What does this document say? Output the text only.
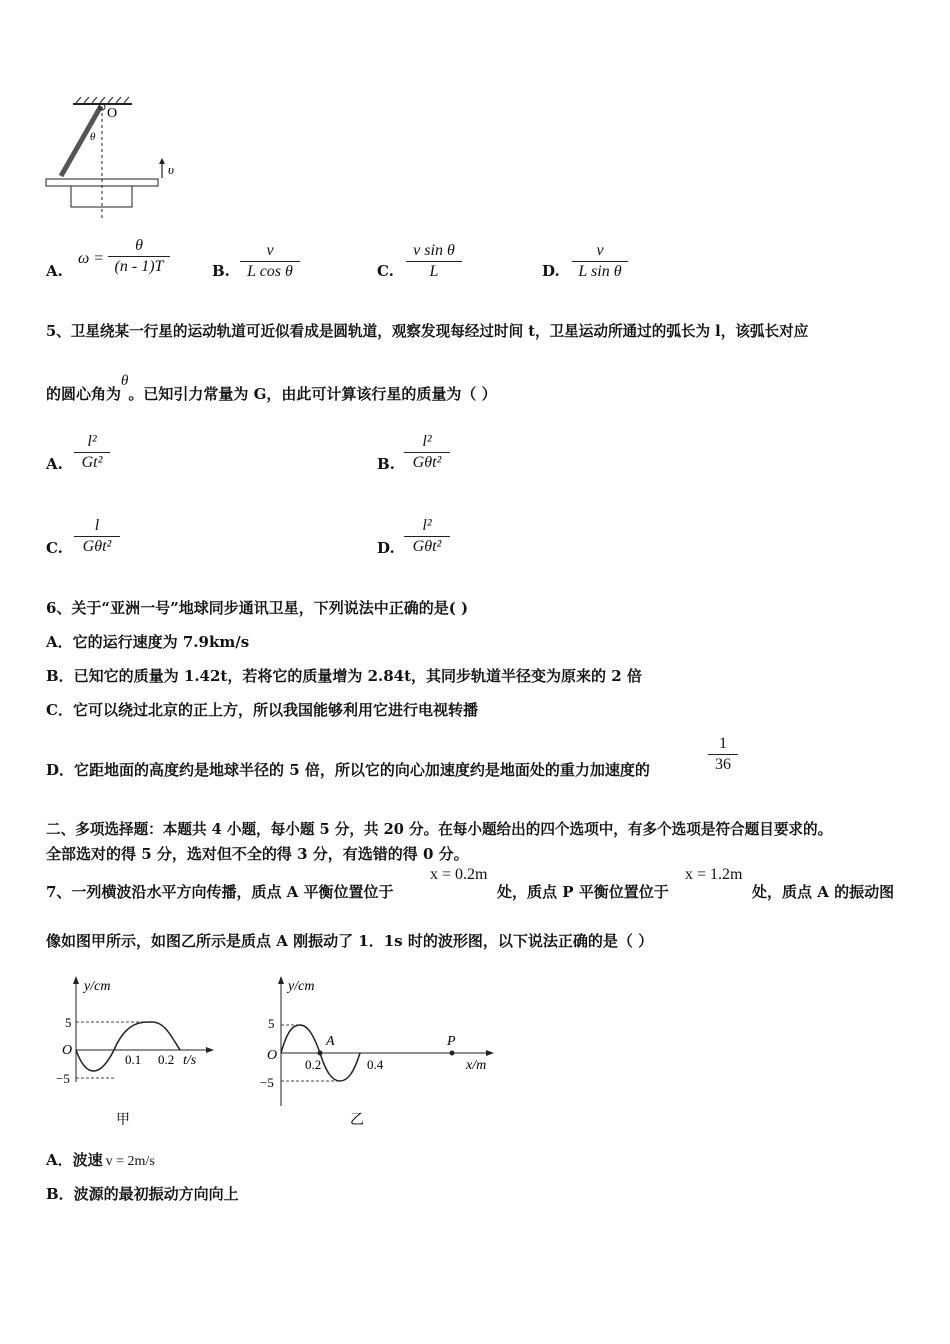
O
θ
υ
A.
ω =
θ
(n - 1)T	B.
v
L cos θ	C.
v sin θ
L	D.
v
L sin θ
5、卫星绕某一行星的运动轨道可近似看成是圆轨道，观察发现每经过时间 t，卫星运动所通过的弧长为 l，该弧长对应
的圆心角为θ。已知引力常量为 G，由此可计算该行星的质量为（ ）
A.
l²
Gt²	B.
l²
Gθt²
C.
l
Gθt²	D.
l²
Gθt²
6、关于“亚洲一号”地球同步通讯卫星，下列说法中正确的是( )
A．它的运行速度为 7.9km/s
B．已知它的质量为 1.42t，若将它的质量增为 2.84t，其同步轨道半径变为原来的 2 倍
C．它可以绕过北京的正上方，所以我国能够利用它进行电视转播
D．它距地面的高度约是地球半径的 5 倍，所以它的向心加速度约是地面处的重力加速度的
1
36
二、多项选择题：本题共 4 小题，每小题 5 分，共 20 分。在每小题给出的四个选项中，有多个选项是符合题目要求的。
全部选对的得 5 分，选对但不全的得 3 分，有选错的得 0 分。
7、一列横波沿水平方向传播，质点 A 平衡位置位于
x = 0.2m
处，质点 P 平衡位置位于
x = 1.2m
处，质点 A 的振动图
像如图甲所示，如图乙所示是质点 A 刚振动了 1．1s 时的波形图，以下说法正确的是（ ）
y/cm
O
5
−5
0.1 0.2 t/s
甲
y/cm
O
5
−5
A	P
0.2	0.4	x/m
乙
A．波速 v = 2m/s
B．波源的最初振动方向向上
